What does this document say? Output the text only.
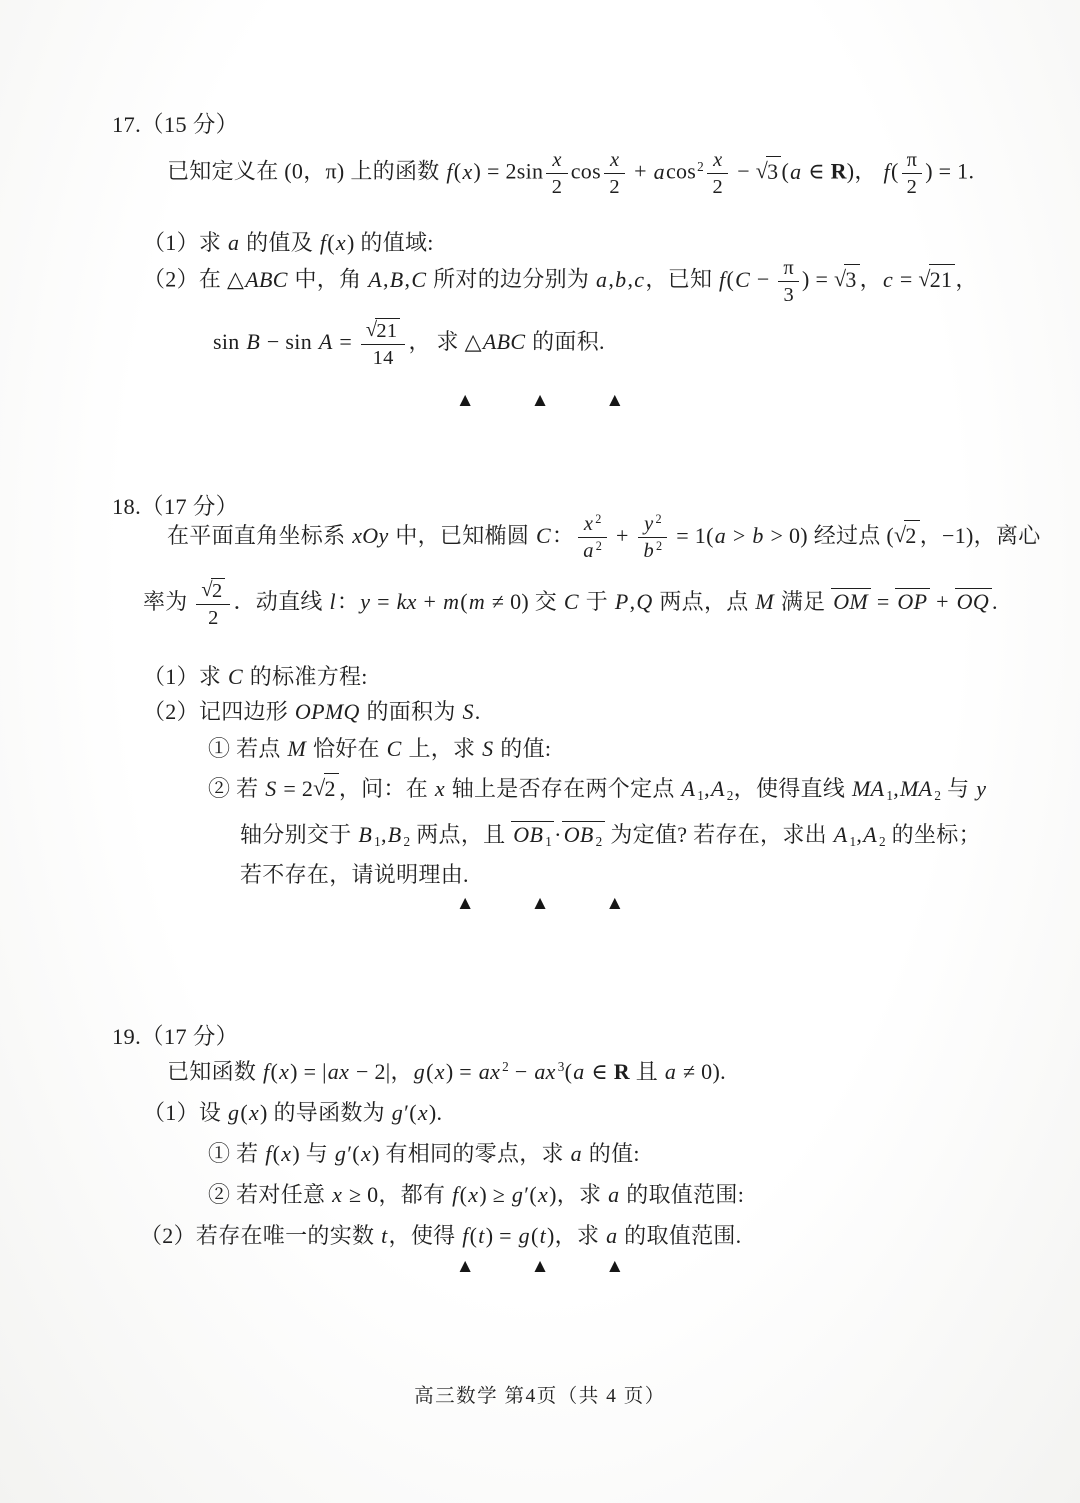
17.（15 分）
已知定义在 (0，π) 上的函数 $f(x) = 2\sin \frac{x}{2}$ $\cos \frac{x}{2} + acos^2 \frac{x}{2} - √3$ (a ∈ R)， $f( \frac{\pi}{2}$ ) = 1.
（1）求 a 的值及 f(x) 的值域:
（2）在 △ABC 中，角 A,B,C 所对的边分别为 a,b,c，已知 $f(C - \frac{\pi}{3}$ ) = √3 ，c = √21 ，
$\sin B - \sin A = \frac{√21}{14}$ ， 求 △ABC 的面积.
▲	▲	▲
18.（17 分）
在平面直角坐标系 xOy 中，已知椭圆 C： $\frac{x ^2}{a ^2} + \frac{y ^2}{b ^2} = 1(a > b > 0)$ 经过点 (√2 ，−1)，离心
率为 $\frac{√2}{2}$ ．动直线 l：y = kx + m(m ≠ 0) 交 C 于 P,Q 两点，点 M 满足 OM = OP + OQ .
（1）求 C 的标准方程:
（2）记四边形 OPMQ 的面积为 S.
① 若点 M 恰好在 C 上，求 S 的值:
② 若 S = 2√2 ，问：在 x 轴上是否存在两个定点 A $_1$,A $_2$，使得直线 MA $_1$,MA $_2$ 与 y
轴分别交于 B $_1$,B $_2$ 两点，且 OB $_1$·OB $_2$ 为定值? 若存在，求出 A $_1$,A $_2$ 的坐标；
若不存在，请说明理由.
▲	▲	▲
19.（17 分）
已知函数 f(x) = |ax − 2|，g(x) = ax $^2$ − ax $^3$(a ∈ R 且 a ≠ 0).
（1）设 g(x) 的导函数为 g′(x).
① 若 f(x) 与 g′(x) 有相同的零点，求 a 的值:
② 若对任意 x ≥ 0，都有 f(x) ≥ g′(x)，求 a 的取值范围:
（2）若存在唯一的实数 t，使得 f(t) = g(t)，求 a 的取值范围.
▲	▲	▲
高三数学 第4页（共 4 页）
